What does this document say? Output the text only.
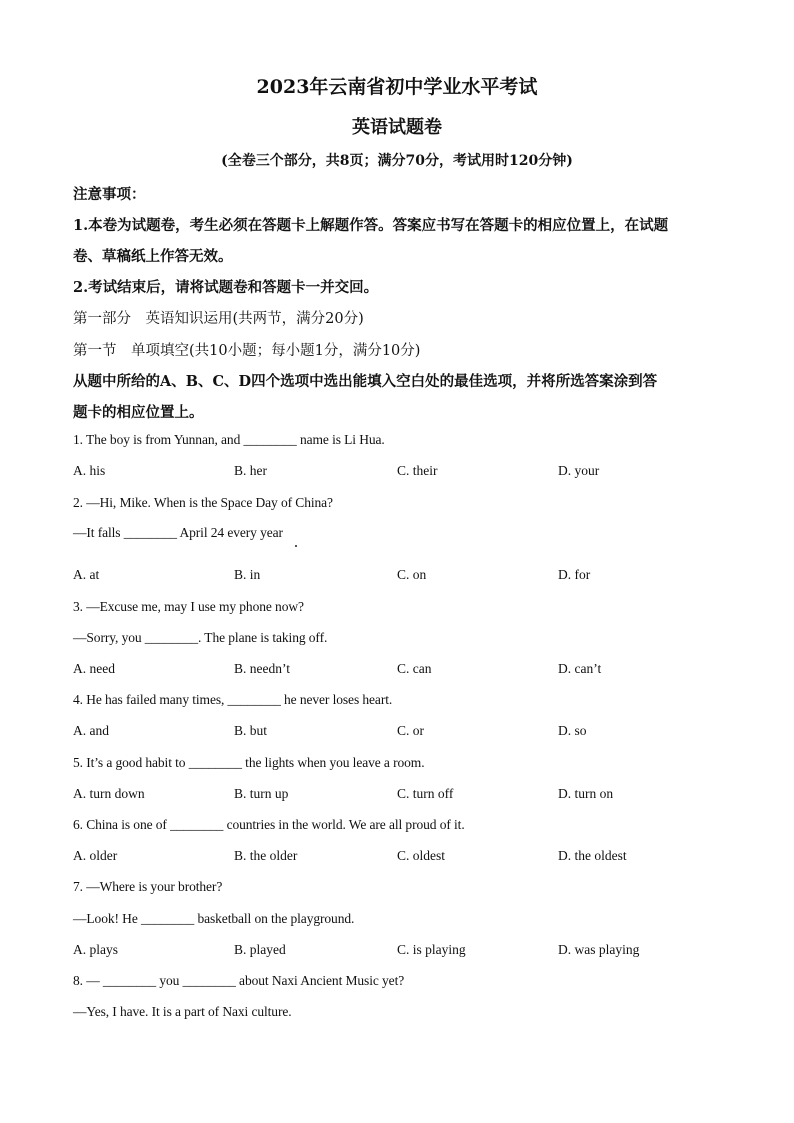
2023年云南省初中学业水平考试
英语试题卷
(全卷三个部分，共8页；满分70分，考试用时120分钟)
注意事项：
1.本卷为试题卷，考生必须在答题卡上解题作答。答案应书写在答题卡的相应位置上，在试题
卷、草稿纸上作答无效。
2.考试结束后，请将试题卷和答题卡一并交回。
第一部分　英语知识运用(共两节，满分20分)
第一节　单项填空(共10小题；每小题1分，满分10分)
从题中所给的A、B、C、D四个选项中选出能填入空白处的最佳选项，并将所选答案涂到答
题卡的相应位置上。
1. The boy is from Yunnan, and ________ name is Li Hua.
A. his	B. her	C. their	D. your
2. —Hi, Mike. When is the Space Day of China?
—It falls ________ April 24 every year
A. at	B. in	C. on	D. for
3. —Excuse me, may I use my phone now?
—Sorry, you ________. The plane is taking off.
A. need	B. needn’t	C. can	D. can’t
4. He has failed many times, ________ he never loses heart.
A. and	B. but	C. or	D. so
5. It’s a good habit to ________ the lights when you leave a room.
A. turn down	B. turn up	C. turn off	D. turn on
6. China is one of ________ countries in the world. We are all proud of it.
A. older	B. the older	C. oldest	D. the oldest
7. —Where is your brother?
—Look! He ________ basketball on the playground.
A. plays	B. played	C. is playing	D. was playing
8. — ________ you ________ about Naxi Ancient Music yet?
—Yes, I have. It is a part of Naxi culture.
